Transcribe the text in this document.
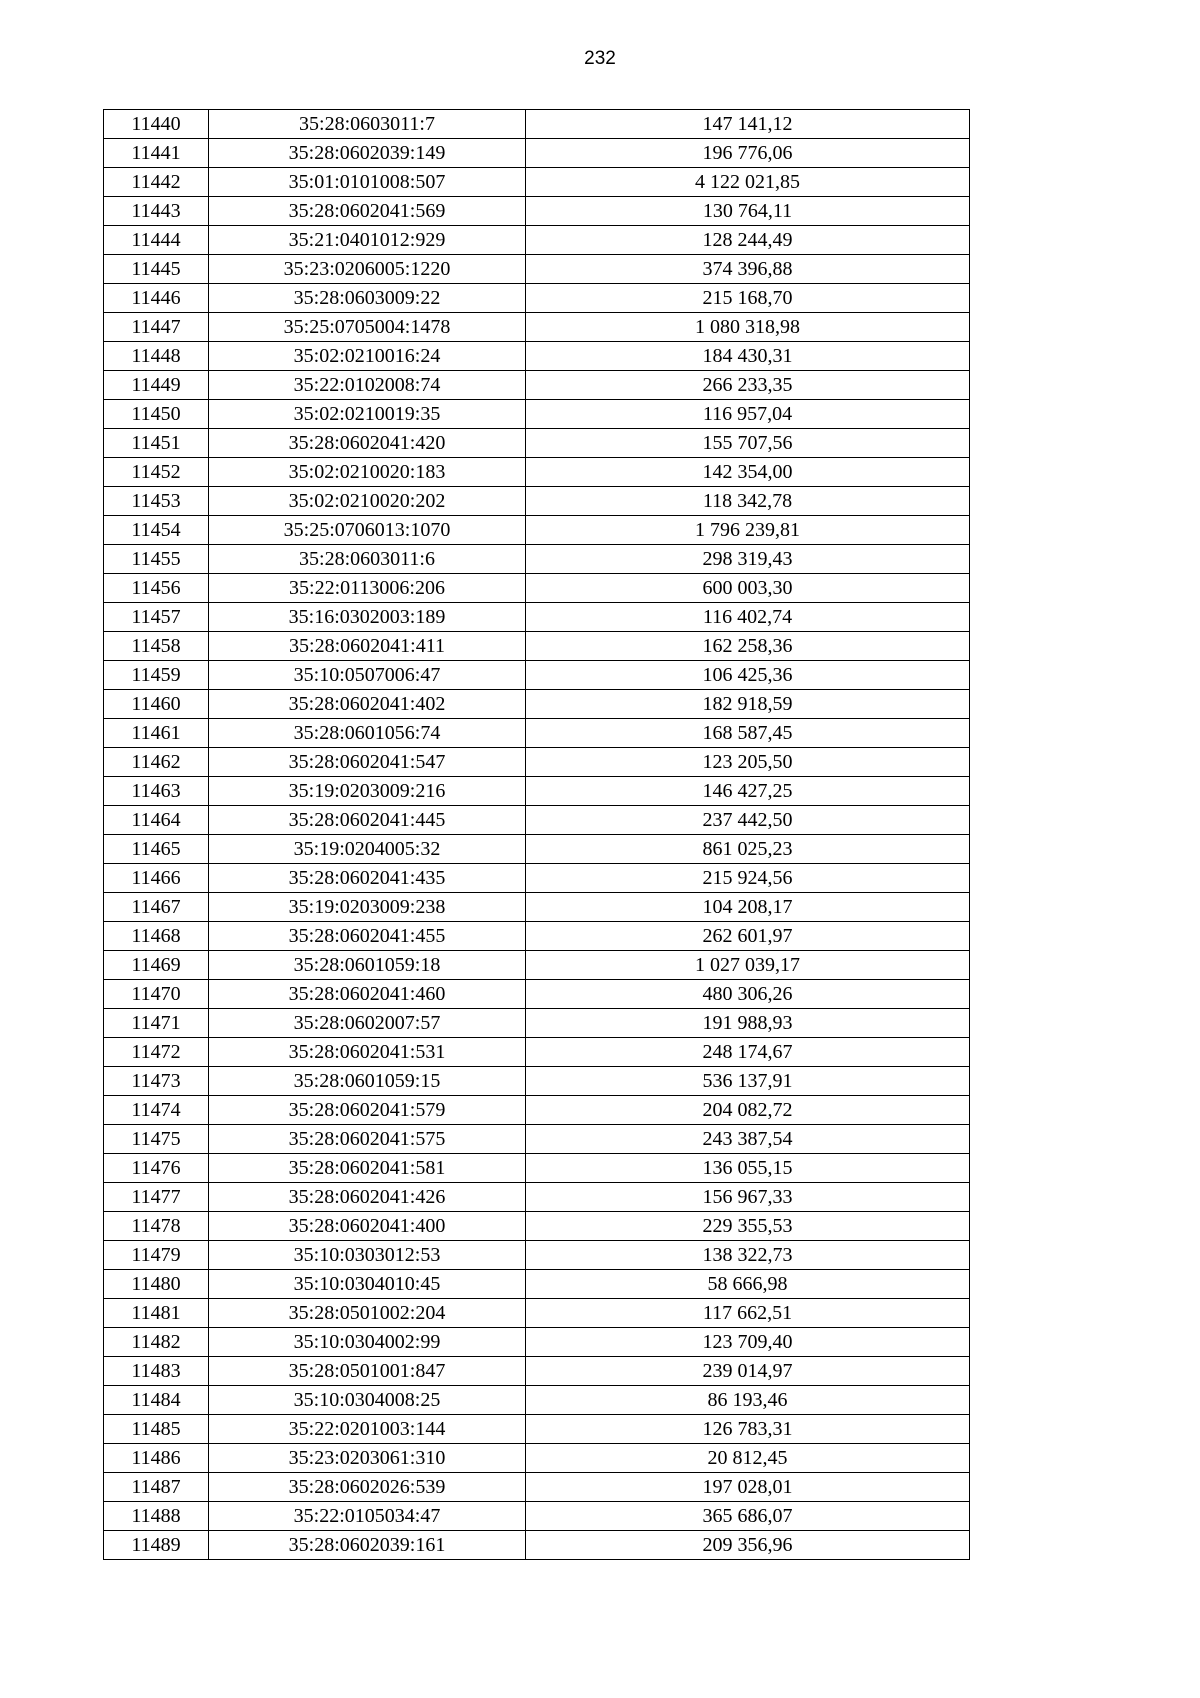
232
11440	35:28:0603011:7	147 141,12
11441	35:28:0602039:149	196 776,06
11442	35:01:0101008:507	4 122 021,85
11443	35:28:0602041:569	130 764,11
11444	35:21:0401012:929	128 244,49
11445	35:23:0206005:1220	374 396,88
11446	35:28:0603009:22	215 168,70
11447	35:25:0705004:1478	1 080 318,98
11448	35:02:0210016:24	184 430,31
11449	35:22:0102008:74	266 233,35
11450	35:02:0210019:35	116 957,04
11451	35:28:0602041:420	155 707,56
11452	35:02:0210020:183	142 354,00
11453	35:02:0210020:202	118 342,78
11454	35:25:0706013:1070	1 796 239,81
11455	35:28:0603011:6	298 319,43
11456	35:22:0113006:206	600 003,30
11457	35:16:0302003:189	116 402,74
11458	35:28:0602041:411	162 258,36
11459	35:10:0507006:47	106 425,36
11460	35:28:0602041:402	182 918,59
11461	35:28:0601056:74	168 587,45
11462	35:28:0602041:547	123 205,50
11463	35:19:0203009:216	146 427,25
11464	35:28:0602041:445	237 442,50
11465	35:19:0204005:32	861 025,23
11466	35:28:0602041:435	215 924,56
11467	35:19:0203009:238	104 208,17
11468	35:28:0602041:455	262 601,97
11469	35:28:0601059:18	1 027 039,17
11470	35:28:0602041:460	480 306,26
11471	35:28:0602007:57	191 988,93
11472	35:28:0602041:531	248 174,67
11473	35:28:0601059:15	536 137,91
11474	35:28:0602041:579	204 082,72
11475	35:28:0602041:575	243 387,54
11476	35:28:0602041:581	136 055,15
11477	35:28:0602041:426	156 967,33
11478	35:28:0602041:400	229 355,53
11479	35:10:0303012:53	138 322,73
11480	35:10:0304010:45	58 666,98
11481	35:28:0501002:204	117 662,51
11482	35:10:0304002:99	123 709,40
11483	35:28:0501001:847	239 014,97
11484	35:10:0304008:25	86 193,46
11485	35:22:0201003:144	126 783,31
11486	35:23:0203061:310	20 812,45
11487	35:28:0602026:539	197 028,01
11488	35:22:0105034:47	365 686,07
11489	35:28:0602039:161	209 356,96
